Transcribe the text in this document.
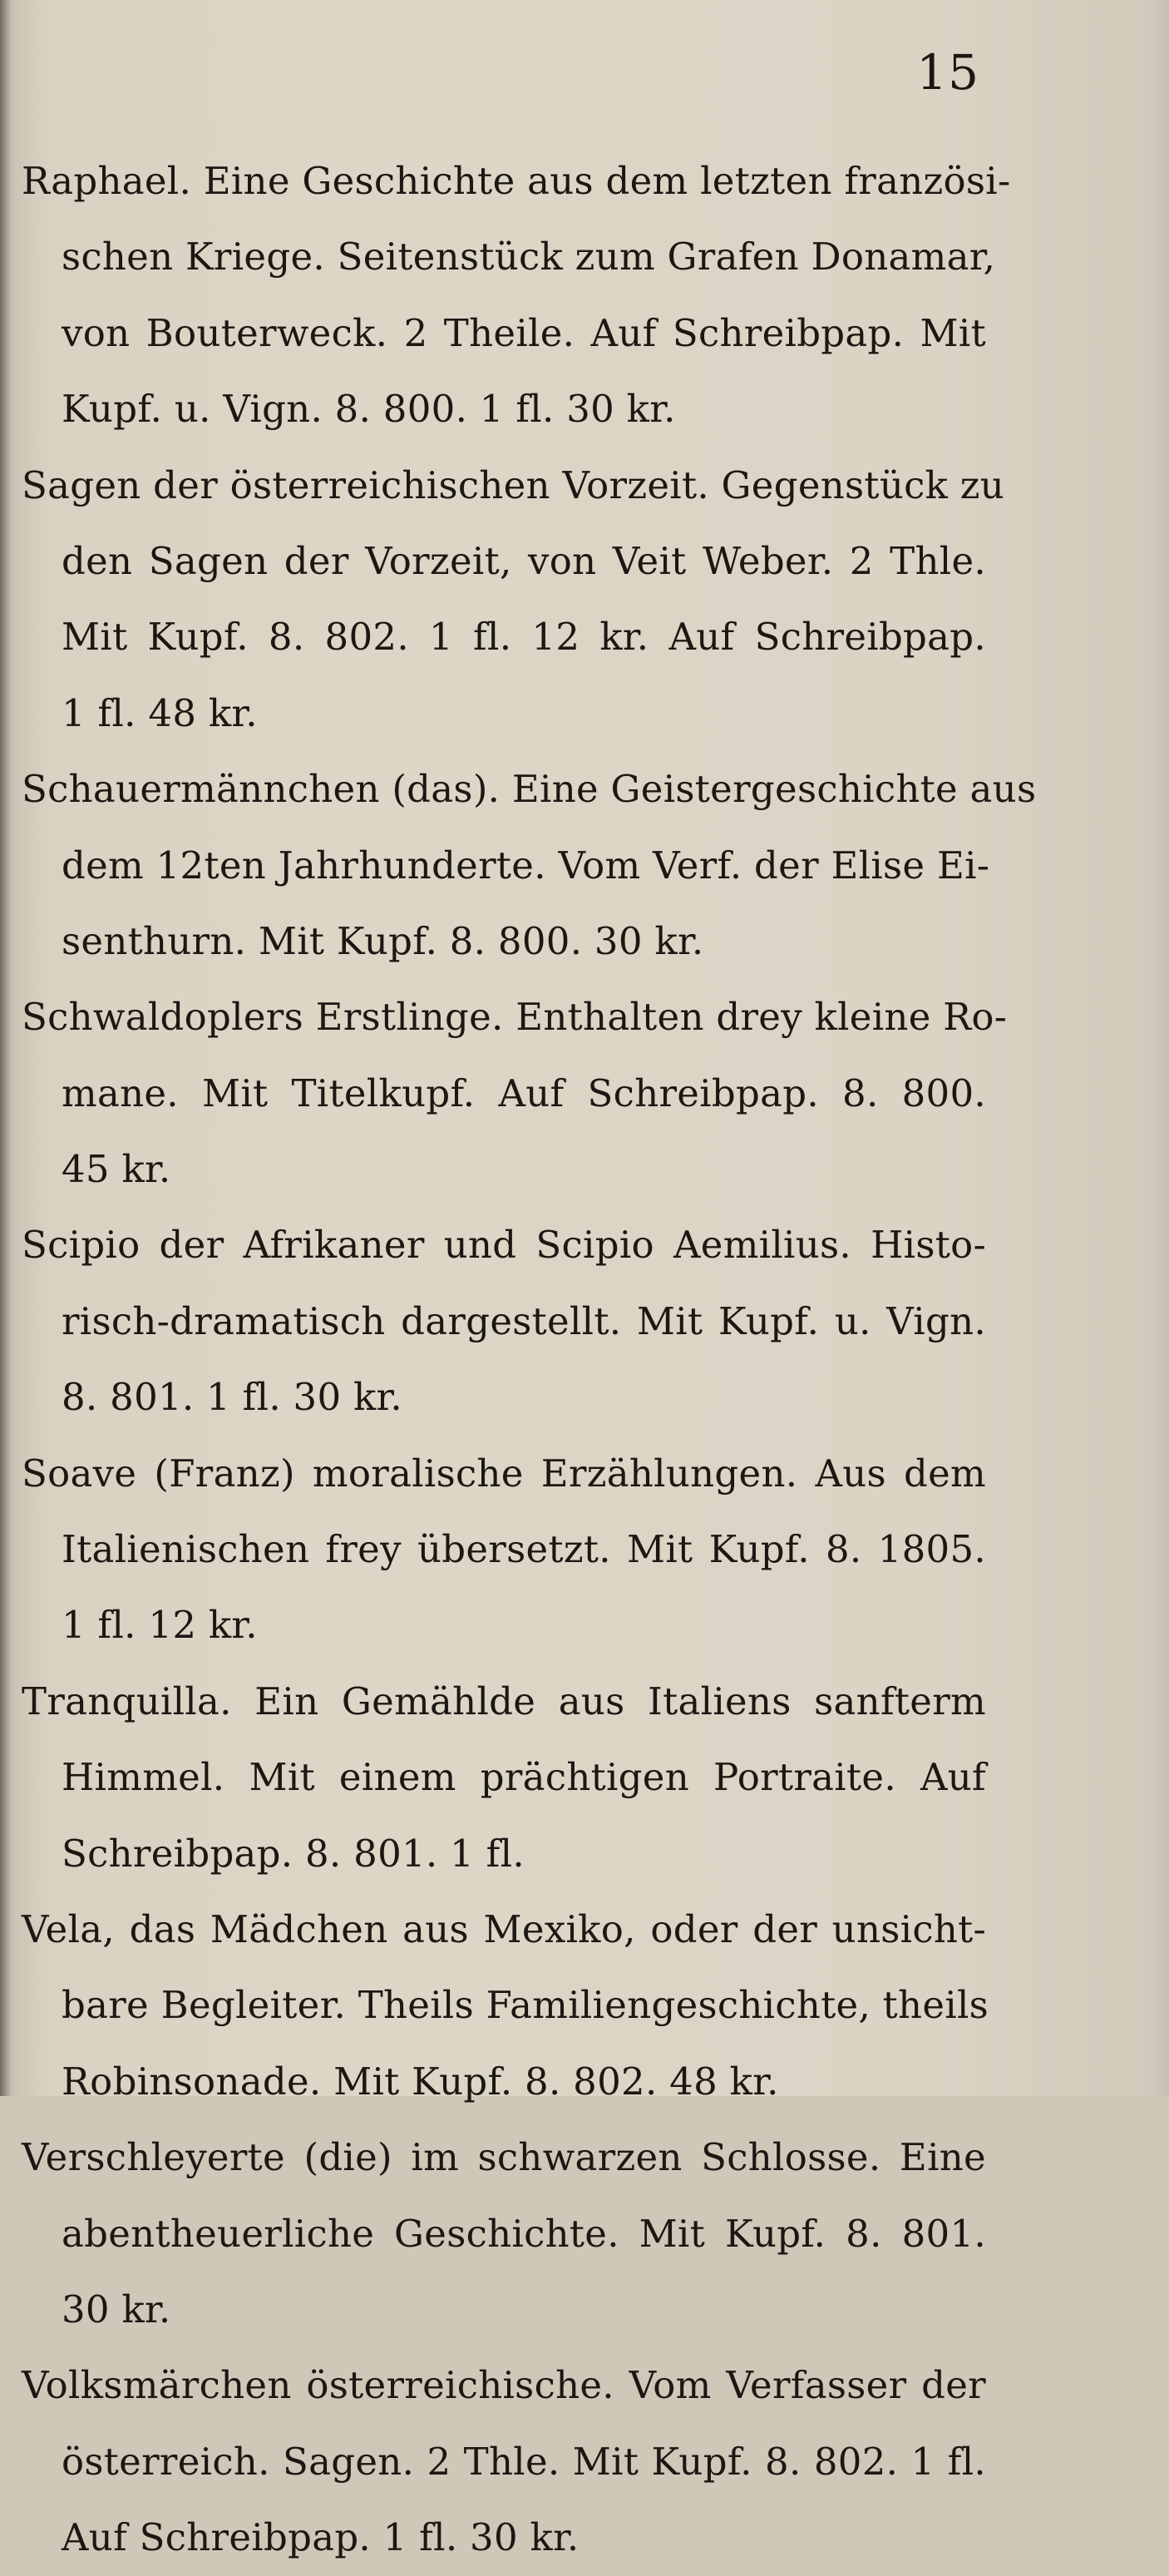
15
Raphael. Eine Geschichte aus dem letzten französi-
schen Kriege. Seitenstück zum Grafen Donamar,
von Bouterweck. 2 Theile. Auf Schreibpap. Mit
Kupf. u. Vign. 8. 800. 1 fl. 30 kr.
Sagen der österreichischen Vorzeit. Gegenstück zu
den Sagen der Vorzeit, von Veit Weber. 2 Thle.
Mit Kupf. 8. 802. 1 fl. 12 kr. Auf Schreibpap.
1 fl. 48 kr.
Schauermännchen (das). Eine Geistergeschichte aus
dem 12ten Jahrhunderte. Vom Verf. der Elise Ei-
senthurn. Mit Kupf. 8. 800. 30 kr.
Schwaldoplers Erstlinge. Enthalten drey kleine Ro-
mane. Mit Titelkupf. Auf Schreibpap. 8. 800.
45 kr.
Scipio der Afrikaner und Scipio Aemilius. Histo-
risch-dramatisch dargestellt. Mit Kupf. u. Vign.
8. 801. 1 fl. 30 kr.
Soave (Franz) moralische Erzählungen. Aus dem
Italienischen frey übersetzt. Mit Kupf. 8. 1805.
1 fl. 12 kr.
Tranquilla. Ein Gemählde aus Italiens sanfterm
Himmel. Mit einem prächtigen Portraite. Auf
Schreibpap. 8. 801. 1 fl.
Vela, das Mädchen aus Mexiko, oder der unsicht-
bare Begleiter. Theils Familiengeschichte, theils
Robinsonade. Mit Kupf. 8. 802. 48 kr.
Verschleyerte (die) im schwarzen Schlosse. Eine
abentheuerliche Geschichte. Mit Kupf. 8. 801.
30 kr.
Volksmärchen österreichische. Vom Verfasser der
österreich. Sagen. 2 Thle. Mit Kupf. 8. 802. 1 fl.
Auf Schreibpap. 1 fl. 30 kr.
